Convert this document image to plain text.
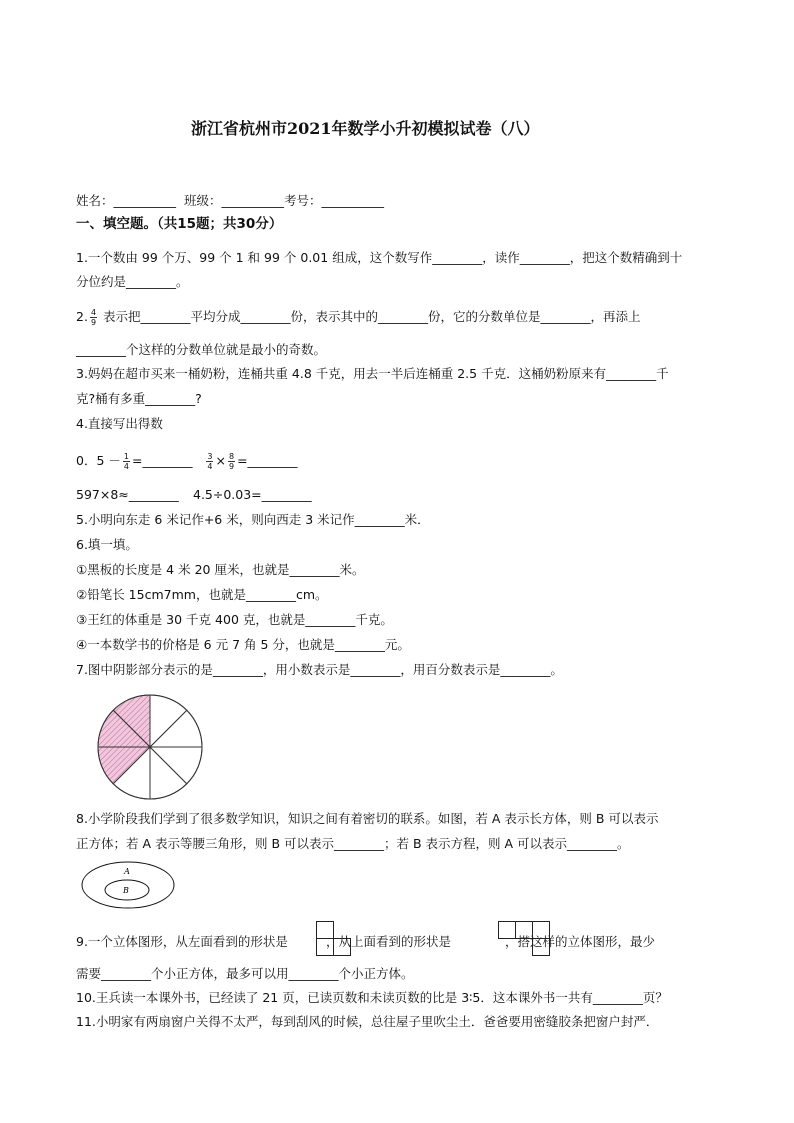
浙江省杭州市2021年数学小升初模拟试卷（八）
姓名：__________ 班级：__________考号：__________
一、填空题。（共15题；共30分）
1.一个数由 99 个万、99 个 1 和 99 个 0.01 组成，这个数写作________，读作________，把这个数精确到十
分位约是________。
2. $\frac{4}{9}$ 表示把________平均分成________份，表示其中的________份，它的分数单位是________，再添上
________个这样的分数单位就是最小的奇数。
3.妈妈在超市买来一桶奶粉，连桶共重 4.8 千克，用去一半后连桶重 2.5 千克．这桶奶粉原来有________千
克?桶有多重________?
4.直接写出得数
0．$5 - \frac{1}{4}$ =________ $\frac{3}{4} \times \frac{8}{9}$ =________
597×8≈________ 4.5÷0.03=________
5.小明向东走 6 米记作+6 米，则向西走 3 米记作________米．
6.填一填。
①黑板的长度是 4 米 20 厘米，也就是________米。
②铅笔长 15cm7mm，也就是________cm。
③王红的体重是 30 千克 400 克，也就是________千克。
④一本数学书的价格是 6 元 7 角 5 分，也就是________元。
7.图中阴影部分表示的是________，用小数表示是________，用百分数表示是________。
8.小学阶段我们学到了很多数学知识，知识之间有着密切的联系。如图，若 A 表示长方体，则 B 可以表示
正方体；若 A 表示等腰三角形，则 B 可以表示________；若 B 表示方程，则 A 可以表示________。
A
B
9.一个立体图形，从左面看到的形状是	，从上面看到的形状是	，搭这样的立体图形，最少
需要________个小正方体，最多可以用________个小正方体。
10.王兵读一本课外书，已经读了 21 页，已读页数和未读页数的比是 3∶5．这本课外书一共有________页？
11.小明家有两扇窗户关得不太严，每到刮风的时候，总往屋子里吹尘土．爸爸要用密缝胶条把窗户封严．
